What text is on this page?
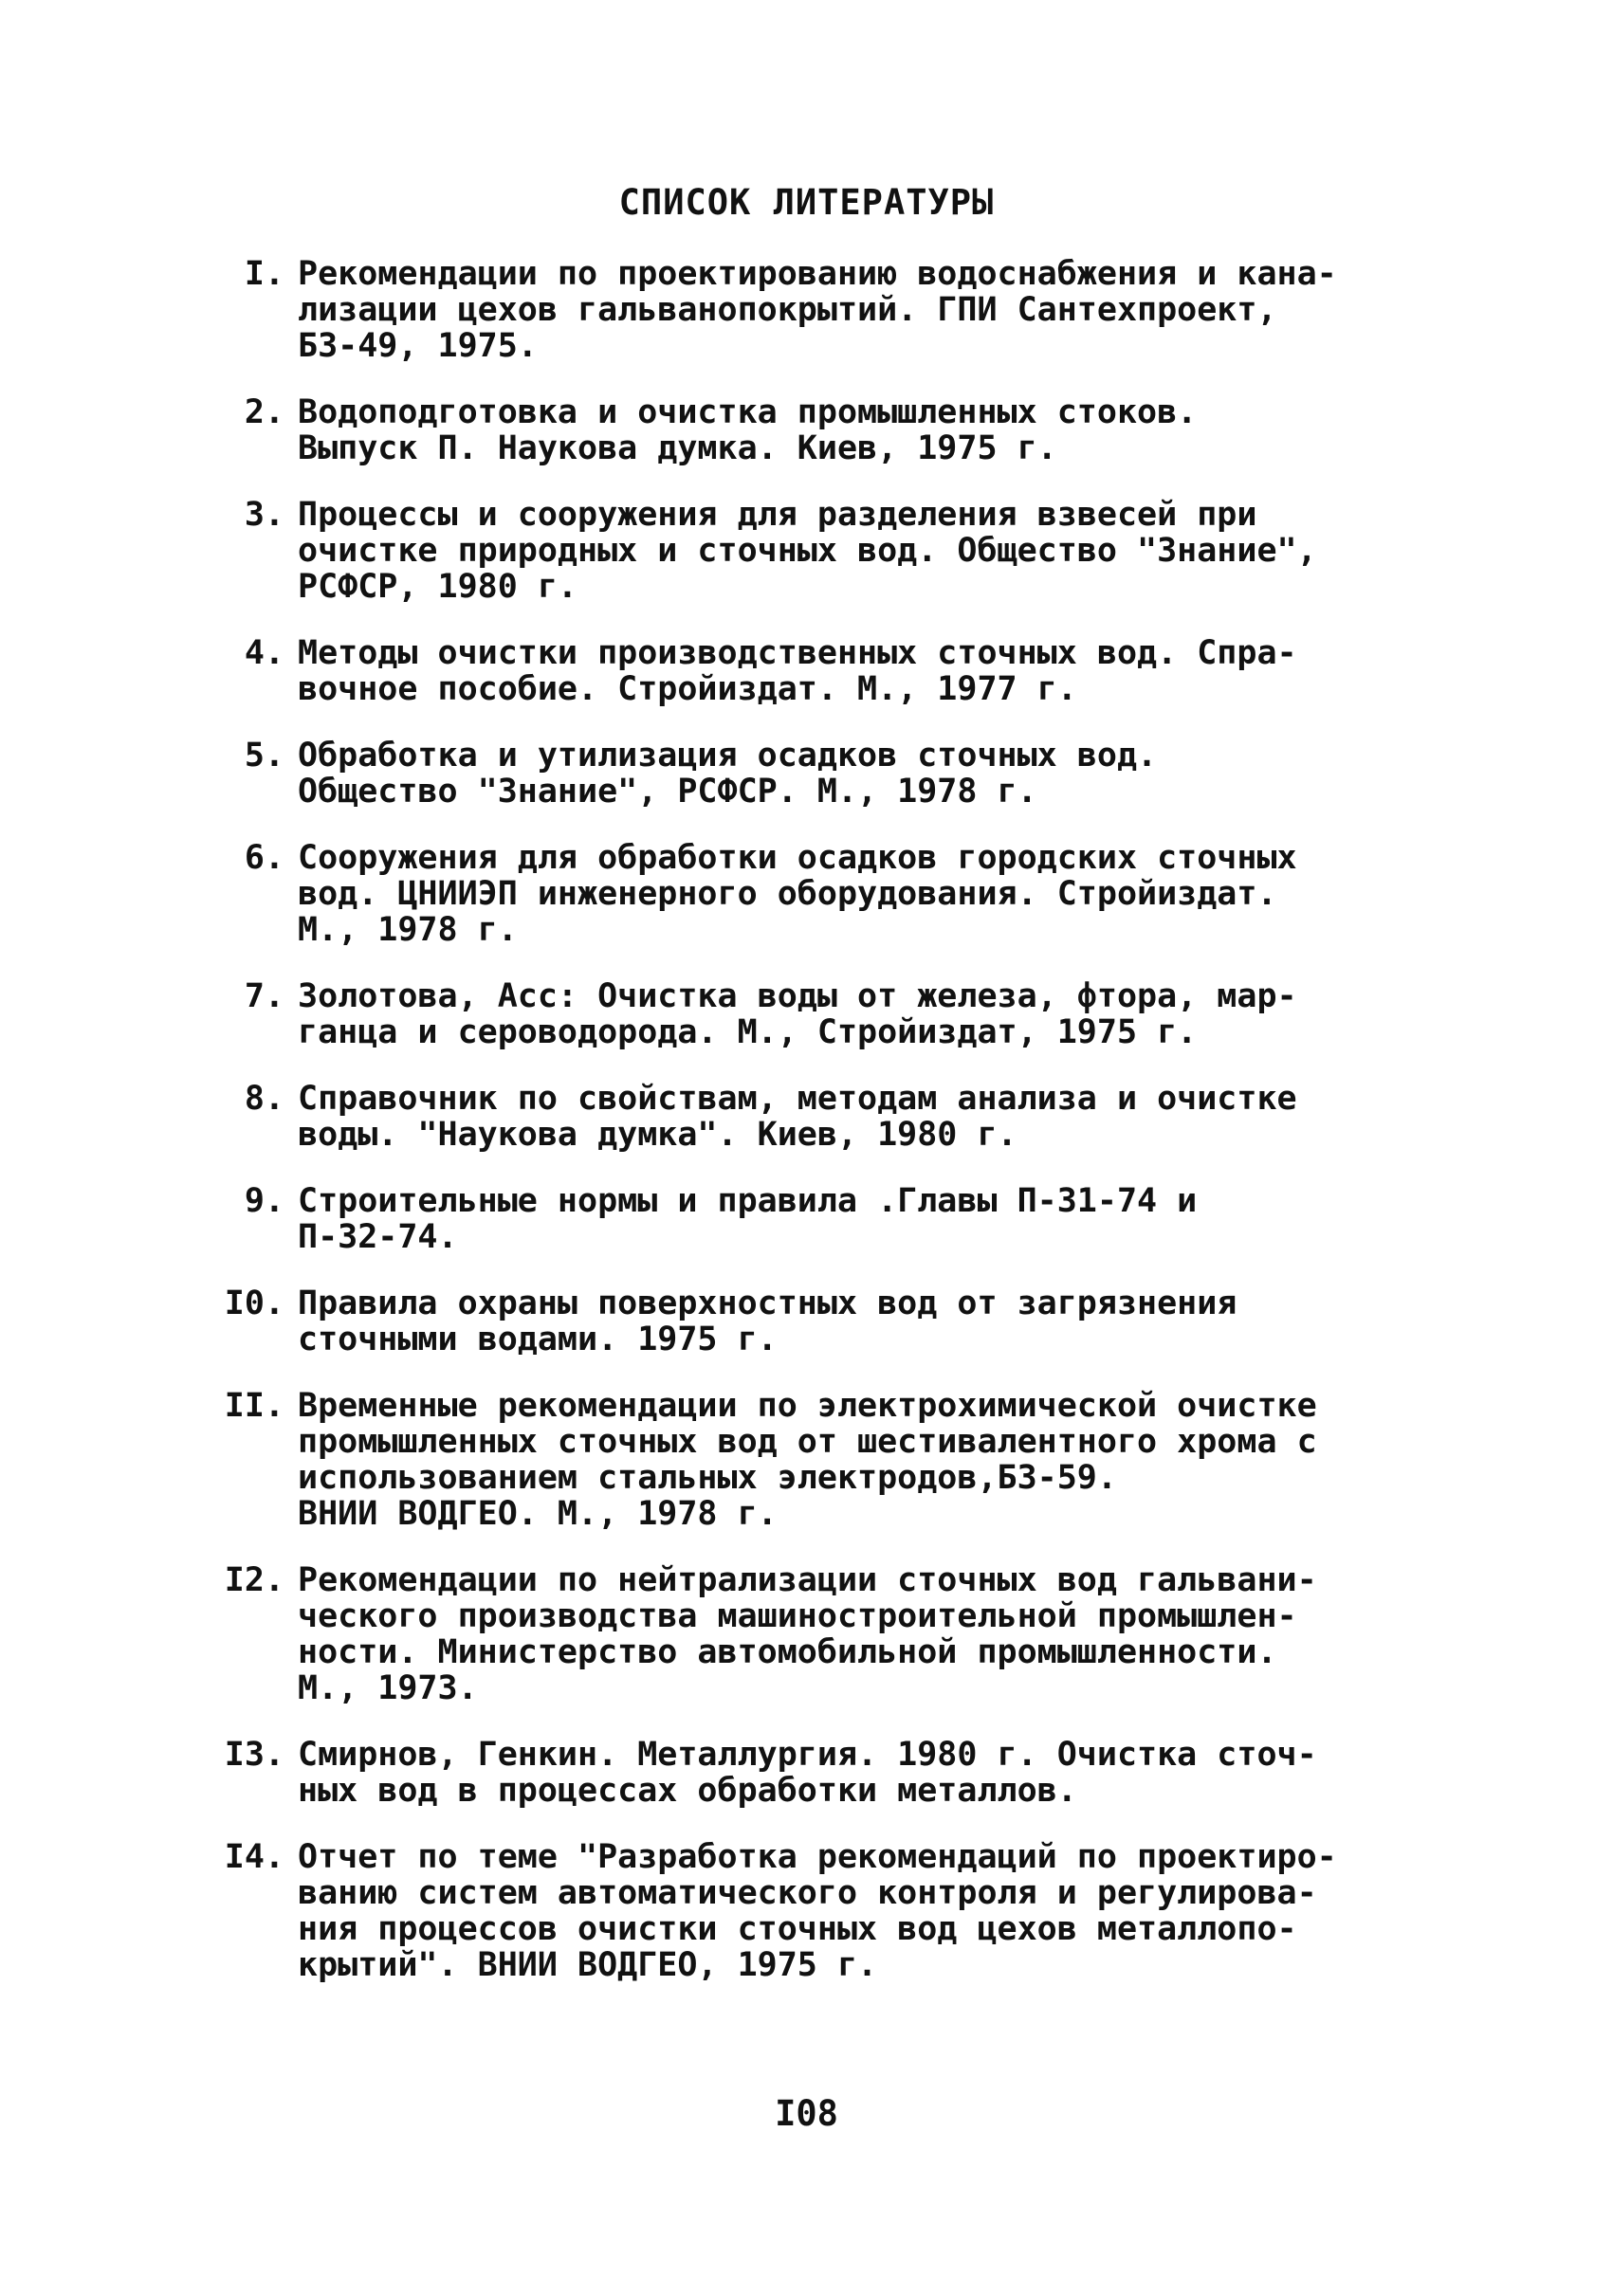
СПИСОК ЛИТЕРАТУРЫ
I. Рекомендации по проектированию водоснабжения и кана-
лизации цехов гальванопокрытий. ГПИ Сантехпроект,
Б3-49, 1975.
2. Водоподготовка и очистка промышленных стоков.
Выпуск П. Наукова думка. Киев, 1975 г.
3. Процессы и сооружения для разделения взвесей при
очистке природных и сточных вод. Общество "Знание",
РСФСР, 1980 г.
4. Методы очистки производственных сточных вод. Спра-
вочное пособие. Стройиздат. М., 1977 г.
5. Обработка и утилизация осадков сточных вод.
Общество "Знание", РСФСР. М., 1978 г.
6. Сооружения для обработки осадков городских сточных
вод. ЦНИИЭП инженерного оборудования. Стройиздат.
М., 1978 г.
7. Золотова, Асс: Очистка воды от железа, фтора, мар-
ганца и сероводорода. М., Стройиздат, 1975 г.
8. Справочник по свойствам, методам анализа и очистке
воды. "Наукова думка". Киев, 1980 г.
9. Строительные нормы и правила .Главы П-31-74 и
П-32-74.
I0. Правила охраны поверхностных вод от загрязнения
сточными водами. 1975 г.
II. Временные рекомендации по электрохимической очистке
промышленных сточных вод от шестивалентного хрома с
использованием стальных электродов,Б3-59.
ВНИИ ВОДГЕО. М., 1978 г.
I2. Рекомендации по нейтрализации сточных вод гальвани-
ческого производства машиностроительной промышлен-
ности. Министерство автомобильной промышленности.
М., 1973.
I3. Смирнов, Генкин. Металлургия. 1980 г. Очистка сточ-
ных вод в процессах обработки металлов.
I4. Отчет по теме "Разработка рекомендаций по проектиро-
ванию систем автоматического контроля и регулирова-
ния процессов очистки сточных вод цехов металлопо-
крытий". ВНИИ ВОДГЕО, 1975 г.
I08
